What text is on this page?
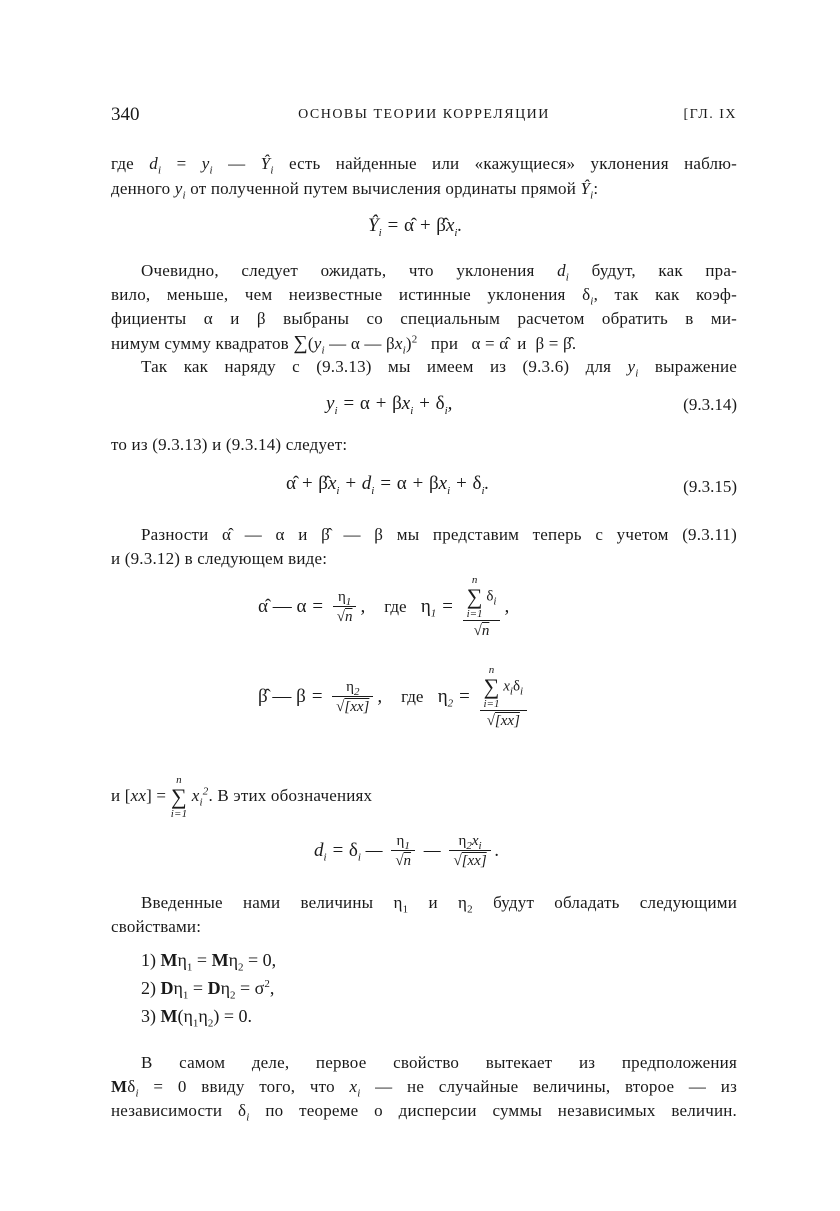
340	ОСНОВЫ ТЕОРИИ КОРРЕЛЯЦИИ	[ГЛ. IX
где $d_i = y_i$ — $Ŷ_i$ есть найденные или «кажущиеся» уклонения наблю-
денного $y_i$ от полученной путем вычисления ординаты прямой $Ŷ_i$:
$Ŷ_i$ = α̂ + $\betâx_i$.
Очевидно, следует ожидать, что уклонения $d_i$ будут, как пра-
вило, меньше, чем неизвестные истинные уклонения $\delta_i$, так как коэф-
фициенты α и β выбраны со специальным расчетом обратить в ми-
нимум сумму квадратов $\sum(y_i$ — α — $\beta x_i)^2$ при   α = α̂  и  β = β̂.
Так как наряду с (9.3.13) мы имеем из (9.3.6) для $y_i$ выражение
$y_i = \alpha + \beta x_i + \delta_i$,	(9.3.14)
то из (9.3.13) и (9.3.14) следует:
α̂ + $\betâx_i + d_i = \alpha + \beta x_i + \delta_i$.	(9.3.15)
Разности α̂ — α и β̂ — β мы представим теперь с учетом (9.3.11)
и (9.3.12) в следующем виде:
α̂ — $\alpha = \frac{\eta_1}{√n}$ ,    где $\eta_1 = n$
∑
i=1 $\delta_i$
√n ,
β̂ — $\beta = \frac{\eta_2}{√[xx]}$ ,    где $\eta_2 = n$
∑
i=1 $x_i\delta_i$
√[xx]
и [xx] = n
∑
i=1 $x_i^2$. В этих обозначениях
$d_i = \delta_i$ — $\frac{\eta_1}{√n}$ — $\frac{\eta_2x_i}{√[xx]}$ .
Введенные нами величины $\eta_1$ и $\eta_2$ будут обладать следующими
свойствами:
1) $M\eta_1 = M\eta_2 = 0$,
2) $D\eta_1 = D\eta_2 = \sigma^2$,
3) $M(\eta_1\eta_2) = 0$.
В самом деле, первое свойство вытекает из предположения
$M\delta_i = 0$ ввиду того, что $x_i$ — не случайные величины, второе — из
независимости $\delta_i$ по теореме о дисперсии суммы независимых величин.
